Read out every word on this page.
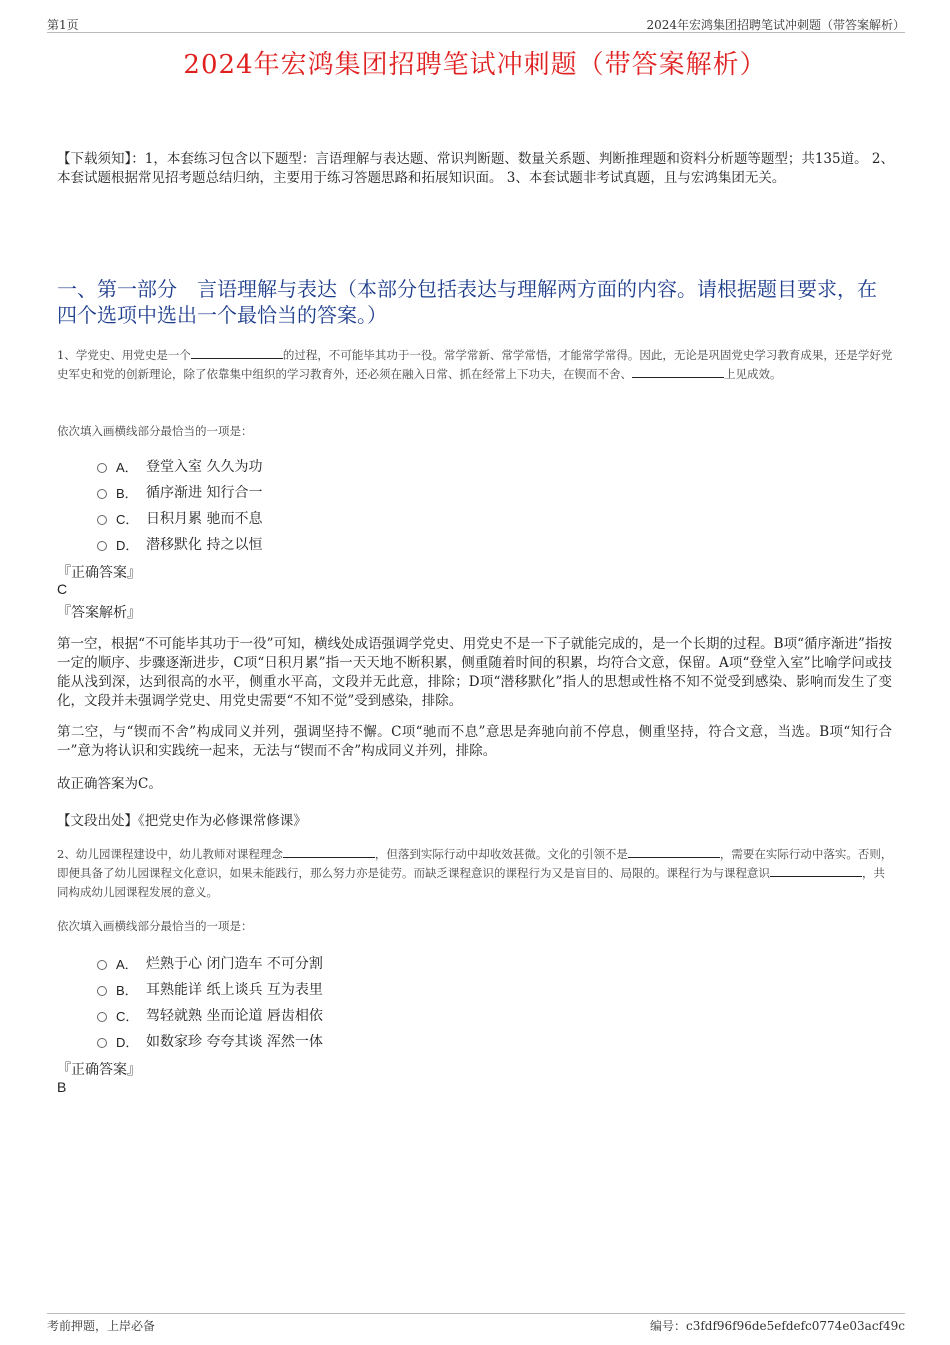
第1页	2024年宏鸿集团招聘笔试冲刺题（带答案解析）
2024年宏鸿集团招聘笔试冲刺题（带答案解析）
【下载须知】：1，本套练习包含以下题型：言语理解与表达题、常识判断题、数量关系题、判断推理题和资料分析题等题型；共135道。 2、本套试题根据常见招考题总结归纳，主要用于练习答题思路和拓展知识面。 3、本套试题非考试真题，且与宏鸿集团无关。
一、第一部分　言语理解与表达（本部分包括表达与理解两方面的内容。请根据题目要求，在四个选项中选出一个最恰当的答案。）
1、学党史、用党史是一个	的过程，不可能毕其功于一役。常学常新、常学常悟，才能常学常得。因此，无论是巩固党史学习教育成果，还是学好党史军史和党的创新理论，除了依靠集中组织的学习教育外，还必须在融入日常、抓在经常上下功夫，在锲而不舍、	上见成效。
依次填入画横线部分最恰当的一项是：
A． 登堂入室 久久为功
B． 循序渐进 知行合一
C． 日积月累 驰而不息
D． 潜移默化 持之以恒
『正确答案』
C
『答案解析』
第一空，根据“不可能毕其功于一役”可知，横线处成语强调学党史、用党史不是一下子就能完成的，是一个长期的过程。B项“循序渐进”指按一定的顺序、步骤逐渐进步，C项“日积月累”指一天天地不断积累，侧重随着时间的积累，均符合文意，保留。A项“登堂入室”比喻学问或技能从浅到深，达到很高的水平，侧重水平高，文段并无此意，排除；D项“潜移默化”指人的思想或性格不知不觉受到感染、影响而发生了变化，文段并未强调学党史、用党史需要“不知不觉”受到感染，排除。
第二空，与“锲而不舍”构成同义并列，强调坚持不懈。C项“驰而不息”意思是奔驰向前不停息，侧重坚持，符合文意，当选。B项“知行合一”意为将认识和实践统一起来，无法与“锲而不舍”构成同义并列，排除。
故正确答案为C。
【文段出处】《把党史作为必修课常修课》
2、幼儿园课程建设中，幼儿教师对课程理念	，但落到实际行动中却收效甚微。文化的引领不是	，需要在实际行动中落实。否则，即便具备了幼儿园课程文化意识，如果未能践行，那么努力亦是徒劳。而缺乏课程意识的课程行为又是盲目的、局限的。课程行为与课程意识	，共同构成幼儿园课程发展的意义。
依次填入画横线部分最恰当的一项是：
A． 烂熟于心 闭门造车 不可分割
B． 耳熟能详 纸上谈兵 互为表里
C． 驾轻就熟 坐而论道 唇齿相依
D． 如数家珍 夸夸其谈 浑然一体
『正确答案』
B
考前押题，上岸必备	编号：c3fdf96f96de5efdefc0774e03acf49c
